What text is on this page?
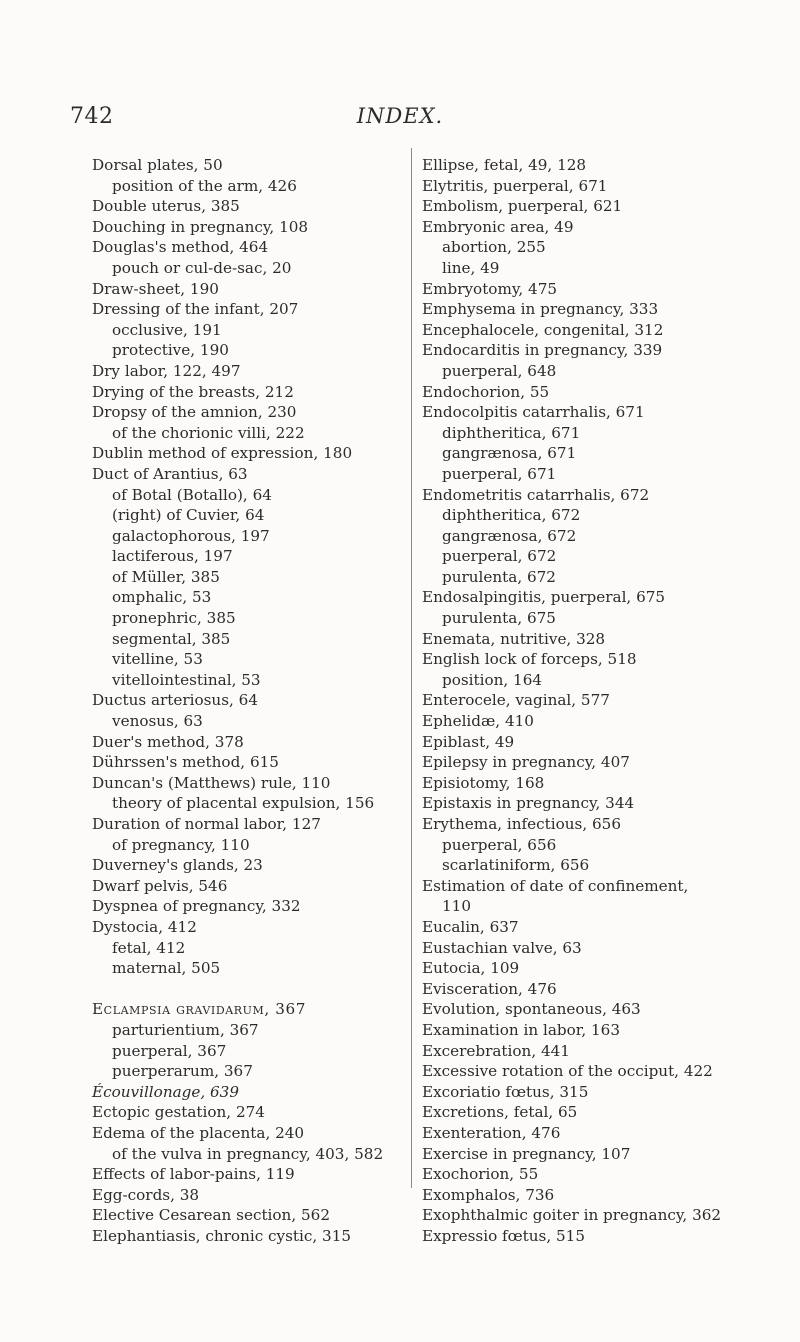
742	INDEX.
Dorsal plates, 50
position of the arm, 426
Double uterus, 385
Douching in pregnancy, 108
Douglas's method, 464
pouch or cul-de-sac, 20
Draw-sheet, 190
Dressing of the infant, 207
occlusive, 191
protective, 190
Dry labor, 122, 497
Drying of the breasts, 212
Dropsy of the amnion, 230
of the chorionic villi, 222
Dublin method of expression, 180
Duct of Arantius, 63
of Botal (Botallo), 64
(right) of Cuvier, 64
galactophorous, 197
lactiferous, 197
of Müller, 385
omphalic, 53
pronephric, 385
segmental, 385
vitelline, 53
vitellointestinal, 53
Ductus arteriosus, 64
venosus, 63
Duer's method, 378
Dührssen's method, 615
Duncan's (Matthews) rule, 110
theory of placental expulsion, 156
Duration of normal labor, 127
of pregnancy, 110
Duverney's glands, 23
Dwarf pelvis, 546
Dyspnea of pregnancy, 332
Dystocia, 412
fetal, 412
maternal, 505
Eclampsia gravidarum, 367
parturientium, 367
puerperal, 367
puerperarum, 367
Écouvillonage, 639
Ectopic gestation, 274
Edema of the placenta, 240
of the vulva in pregnancy, 403, 582
Effects of labor-pains, 119
Egg-cords, 38
Elective Cesarean section, 562
Elephantiasis, chronic cystic, 315
Ellipse, fetal, 49, 128
Elytritis, puerperal, 671
Embolism, puerperal, 621
Embryonic area, 49
abortion, 255
line, 49
Embryotomy, 475
Emphysema in pregnancy, 333
Encephalocele, congenital, 312
Endocarditis in pregnancy, 339
puerperal, 648
Endochorion, 55
Endocolpitis catarrhalis, 671
diphtheritica, 671
gangrænosa, 671
puerperal, 671
Endometritis catarrhalis, 672
diphtheritica, 672
gangrænosa, 672
puerperal, 672
purulenta, 672
Endosalpingitis, puerperal, 675
purulenta, 675
Enemata, nutritive, 328
English lock of forceps, 518
position, 164
Enterocele, vaginal, 577
Ephelidæ, 410
Epiblast, 49
Epilepsy in pregnancy, 407
Episiotomy, 168
Epistaxis in pregnancy, 344
Erythema, infectious, 656
puerperal, 656
scarlatiniform, 656
Estimation of date of confinement,
110
Eucalin, 637
Eustachian valve, 63
Eutocia, 109
Evisceration, 476
Evolution, spontaneous, 463
Examination in labor, 163
Excerebration, 441
Excessive rotation of the occiput, 422
Excoriatio fœtus, 315
Excretions, fetal, 65
Exenteration, 476
Exercise in pregnancy, 107
Exochorion, 55
Exomphalos, 736
Exophthalmic goiter in pregnancy, 362
Expressio fœtus, 515
